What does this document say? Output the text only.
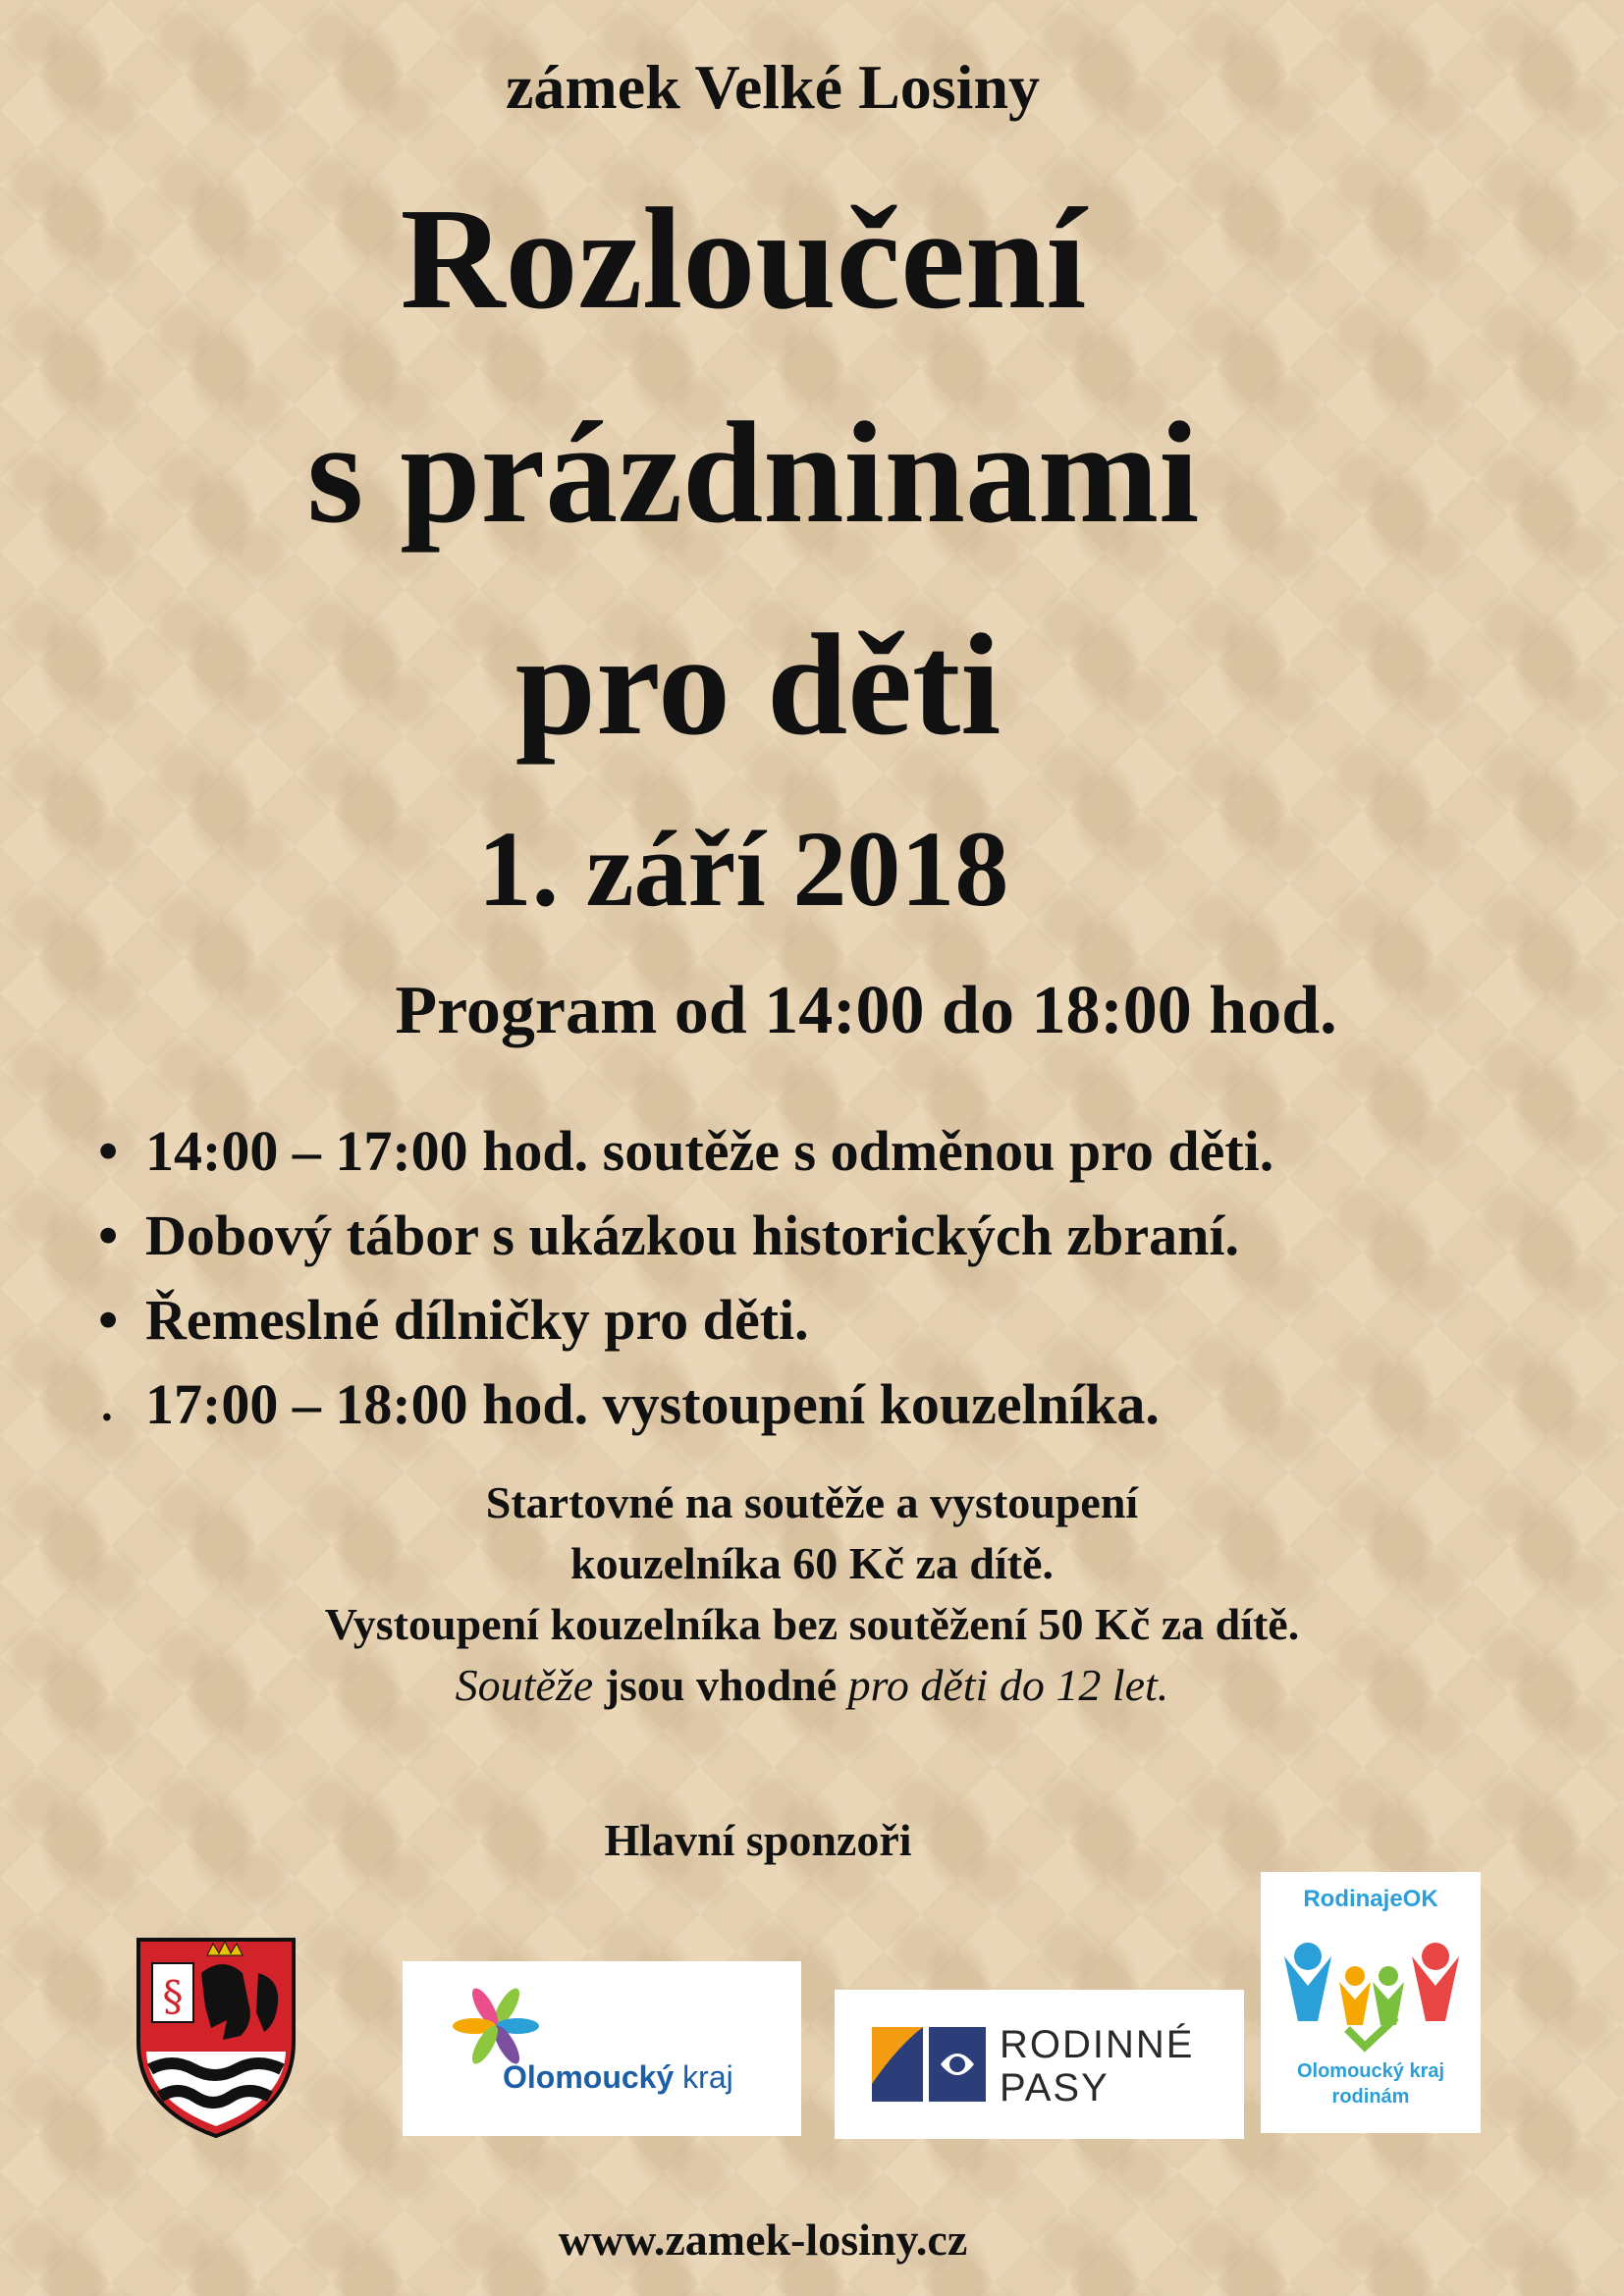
zámek Velké Losiny
Rozloučení
s prázdninami
pro děti
1. září 2018
Program od 14:00 do 18:00 hod.
• 14:00 – 17:00 hod. soutěže s odměnou pro děti.
• Dobový tábor s ukázkou historických zbraní.
• Řemeslné dílničky pro děti.
• 17:00 – 18:00 hod. vystoupení kouzelníka.
Startovné na soutěže a vystoupení
kouzelníka 60 Kč za dítě.
Vystoupení kouzelníka bez soutěžení 50 Kč za dítě.
Soutěže jsou vhodné pro děti do 12 let.
Hlavní sponzoři
§
Olomoucký kraj
RODINNÉ
PASY
RodinajeOK
Olomoucký kraj
rodinám
www.zamek-losiny.cz
